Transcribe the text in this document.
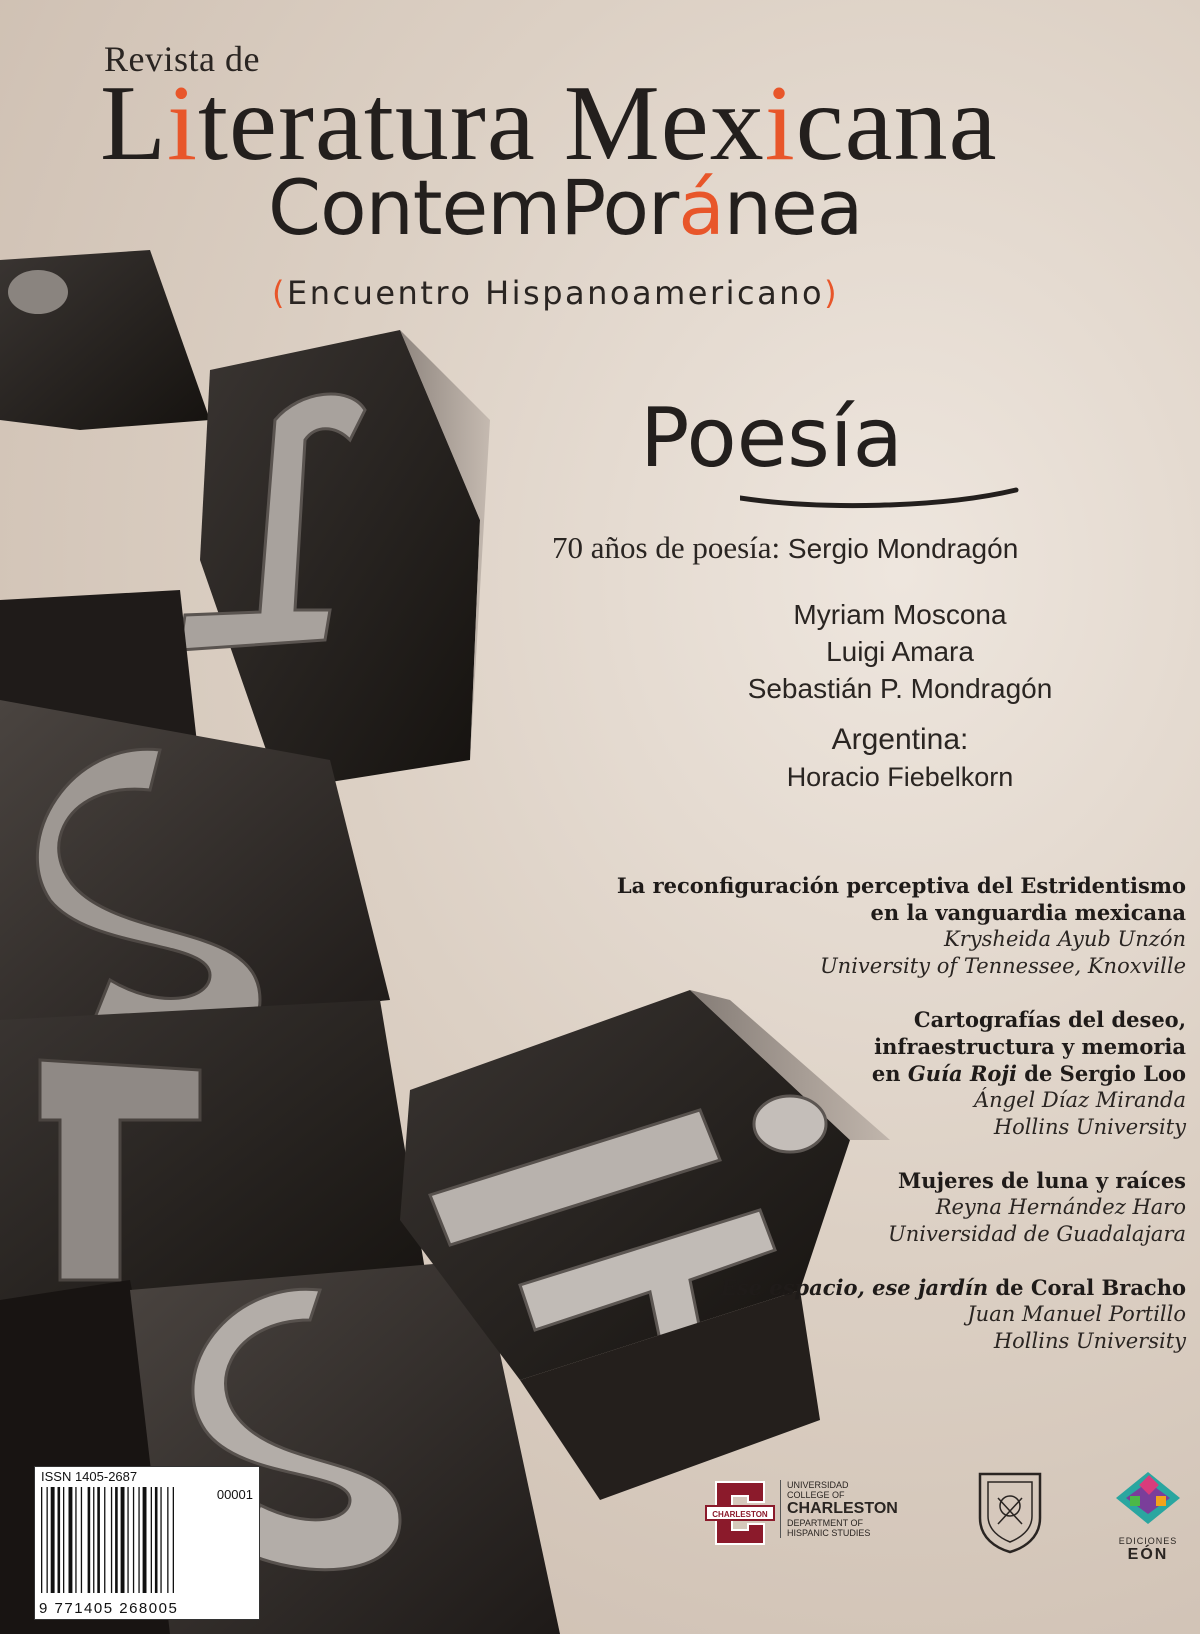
Revista de
Literatura Mexicana
ContemPoránea
(Encuentro Hispanoamericano)
Poesía
70 años de poesía: Sergio Mondragón
Myriam Moscona
Luigi Amara
Sebastián P. Mondragón
Argentina:
Horacio Fiebelkorn
La reconfiguración perceptiva del Estridentismo
en la vanguardia mexicana
Krysheida Ayub Unzón
University of Tennessee, Knoxville
Cartografías del deseo,
infraestructura y memoria
en Guía Roji de Sergio Loo
Ángel Díaz Miranda
Hollins University
Mujeres de luna y raíces
Reyna Hernández Haro
Universidad de Guadalajara
Ese espacio, ese jardín de Coral Bracho
Juan Manuel Portillo
Hollins University
ISSN 1405-2687
00001
9 771405 268005
CHARLESTON
UNIVERSIDAD
COLLEGE OF
CHARLESTON
DEPARTMENT OF
HISPANIC STUDIES
EDICIONES
EÓN
